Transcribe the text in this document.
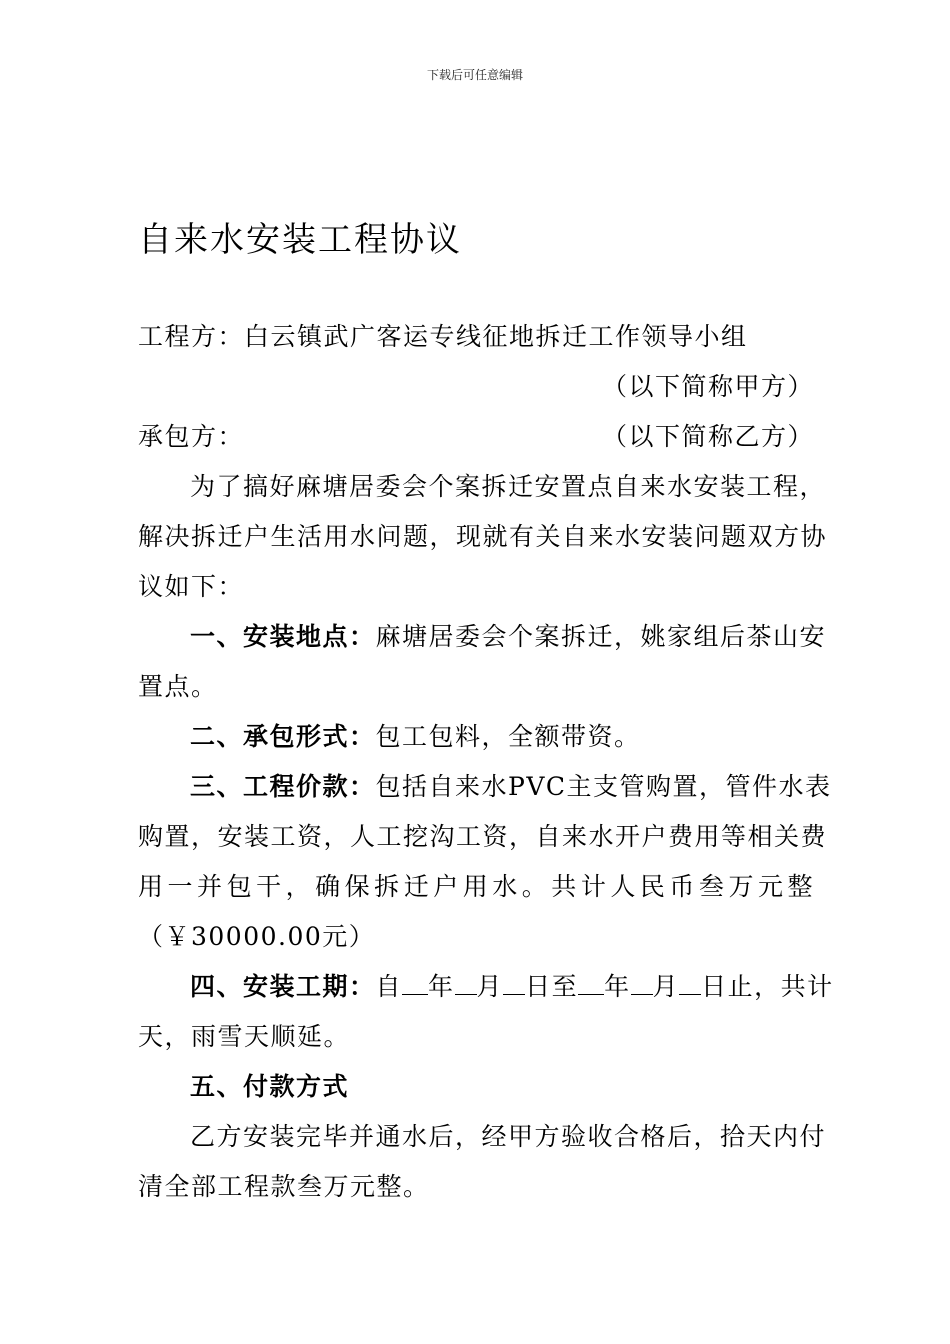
下载后可任意编辑
自来水安装工程协议
工程方：白云镇武广客运专线征地拆迁工作领导小组
（以下简称甲方）
承包方：	（以下简称乙方）
为了搞好麻塘居委会个案拆迁安置点自来水安装工程，
解决拆迁户生活用水问题，现就有关自来水安装问题双方协
议如下：
一、安装地点：麻塘居委会个案拆迁，姚家组后茶山安
置点。
二、承包形式：包工包料，全额带资。
三、工程价款：包括自来水PVC主支管购置，管件水表
购置，安装工资，人工挖沟工资，自来水开户费用等相关费
用一并包干，确保拆迁户用水。共计人民币叁万元整
（￥30000.00元）
四、安装工期：自 年 月 日至 年 月 日止，共计
天，雨雪天顺延。
五、付款方式
乙方安装完毕并通水后，经甲方验收合格后，拾天内付
清全部工程款叁万元整。
